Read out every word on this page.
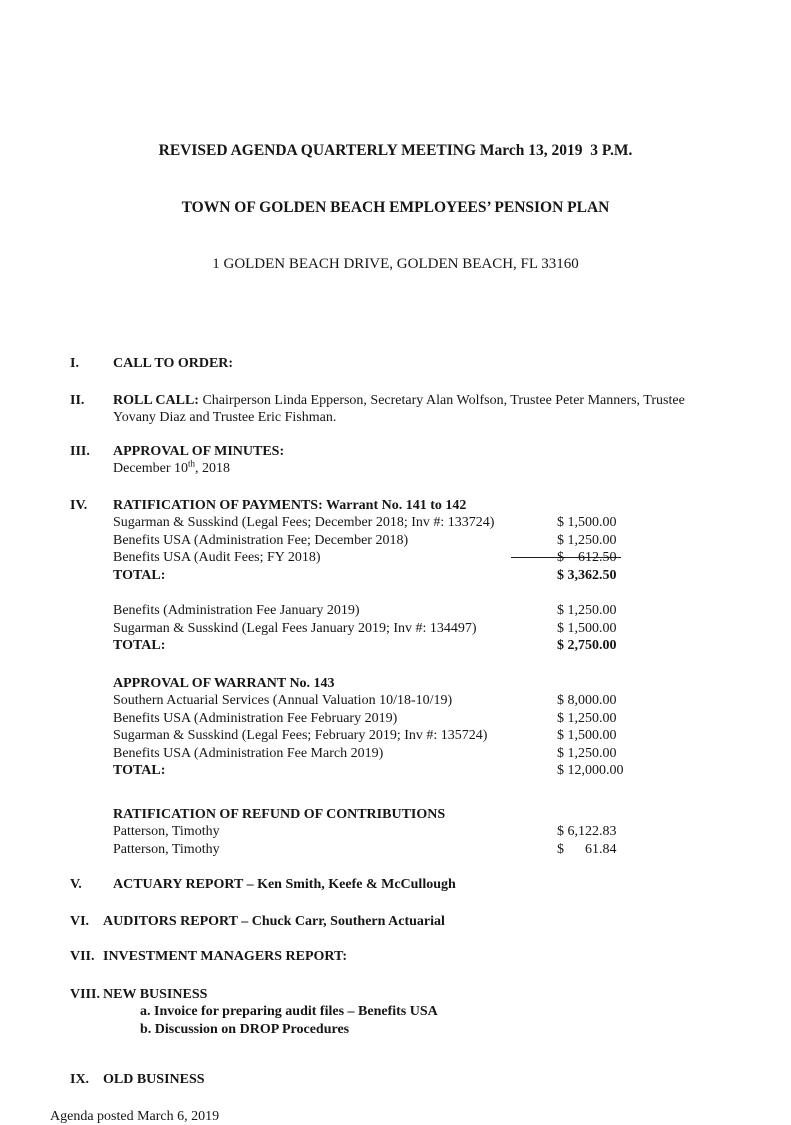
REVISED AGENDA QUARTERLY MEETING March 13, 2019  3 P.M.

TOWN OF GOLDEN BEACH EMPLOYEES’ PENSION PLAN

1 GOLDEN BEACH DRIVE, GOLDEN BEACH, FL 33160

I.	CALL TO ORDER:
II.	ROLL CALL: Chairperson Linda Epperson, Secretary Alan Wolfson, Trustee Peter Manners, Trustee Yovany Diaz and Trustee Eric Fishman.
III.	APPROVAL OF MINUTES:
December 10th, 2018
IV.	RATIFICATION OF PAYMENTS: Warrant No. 141 to 142
Sugarman & Susskind (Legal Fees; December 2018; Inv #: 133724)	$ 1,500.00
Benefits USA (Administration Fee; December 2018)	$ 1,250.00
Benefits USA (Audit Fees; FY 2018)	$    612.50
TOTAL:	$ 3,362.50
Benefits (Administration Fee January 2019)	$ 1,250.00
Sugarman & Susskind (Legal Fees January 2019; Inv #: 134497)	$ 1,500.00
TOTAL:	$ 2,750.00
APPROVAL OF WARRANT No. 143
Southern Actuarial Services (Annual Valuation 10/18-10/19)	$ 8,000.00
Benefits USA (Administration Fee February 2019)	$ 1,250.00
Sugarman & Susskind (Legal Fees; February 2019; Inv #: 135724)	$ 1,500.00
Benefits USA (Administration Fee March 2019)	$ 1,250.00
TOTAL:	$ 12,000.00
RATIFICATION OF REFUND OF CONTRIBUTIONS
Patterson, Timothy	$ 6,122.83
Patterson, Timothy	$      61.84
V.	ACTUARY REPORT – Ken Smith, Keefe & McCullough
VI. AUDITORS REPORT – Chuck Carr, Southern Actuarial
VII. INVESTMENT MANAGERS REPORT:
VIII. NEW BUSINESS
a. Invoice for preparing audit files – Benefits USA
b. Discussion on DROP Procedures
IX. OLD BUSINESS
Agenda posted March 6, 2019
